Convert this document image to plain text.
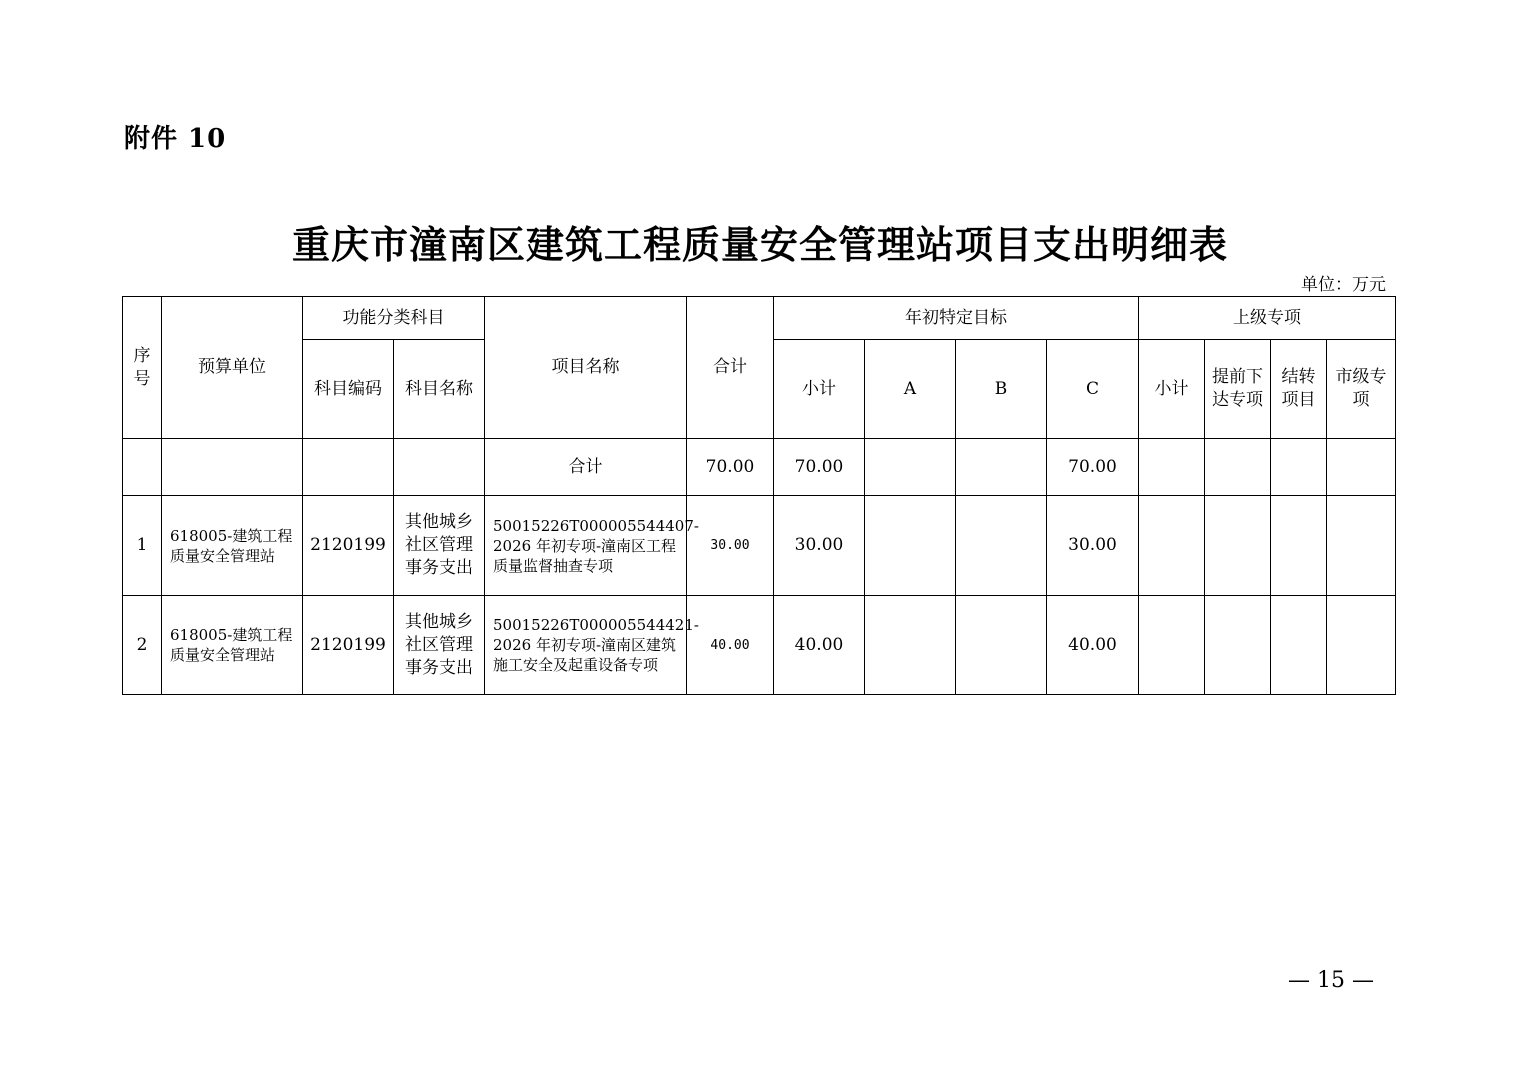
附件 10
重庆市潼南区建筑工程质量安全管理站项目支出明细表
单位：万元
序号	预算单位	功能分类科目		项目名称	合计	年初特定目标				上级专项			
		科目编码	科目名称			小计	A	B	C	小计	提前下达专项	结转项目	市级专项
				合计	70.00	70.00			70.00				
1	618005-建筑工程质量安全管理站	2120199	其他城乡社区管理事务支出	50015226T000005544407-2026 年初专项-潼南区工程质量监督抽查专项	30.00	30.00			30.00				
2	618005-建筑工程质量安全管理站	2120199	其他城乡社区管理事务支出	50015226T000005544421-2026 年初专项-潼南区建筑施工安全及起重设备专项	40.00	40.00			40.00				
— 15 —
